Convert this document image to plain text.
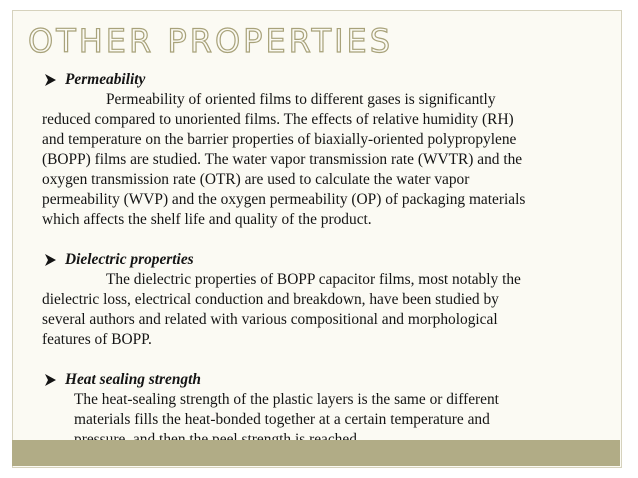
OTHER PROPERTIES
Permeability
Permeability of oriented films to different gases is significantly
reduced compared to unoriented films. The effects of relative humidity (RH)
and temperature on the barrier properties of biaxially-oriented polypropylene
(BOPP) films are studied. The water vapor transmission rate (WVTR) and the
oxygen transmission rate (OTR) are used to calculate the water vapor
permeability (WVP) and the oxygen permeability (OP) of packaging materials
which affects the shelf life and quality of the product.
Dielectric properties
The dielectric properties of BOPP capacitor films, most notably the
dielectric loss, electrical conduction and breakdown, have been studied by
several authors and related with various compositional and morphological
features of BOPP.
Heat sealing strength
The heat-sealing strength of the plastic layers is the same or different
materials fills the heat-bonded together at a certain temperature and
